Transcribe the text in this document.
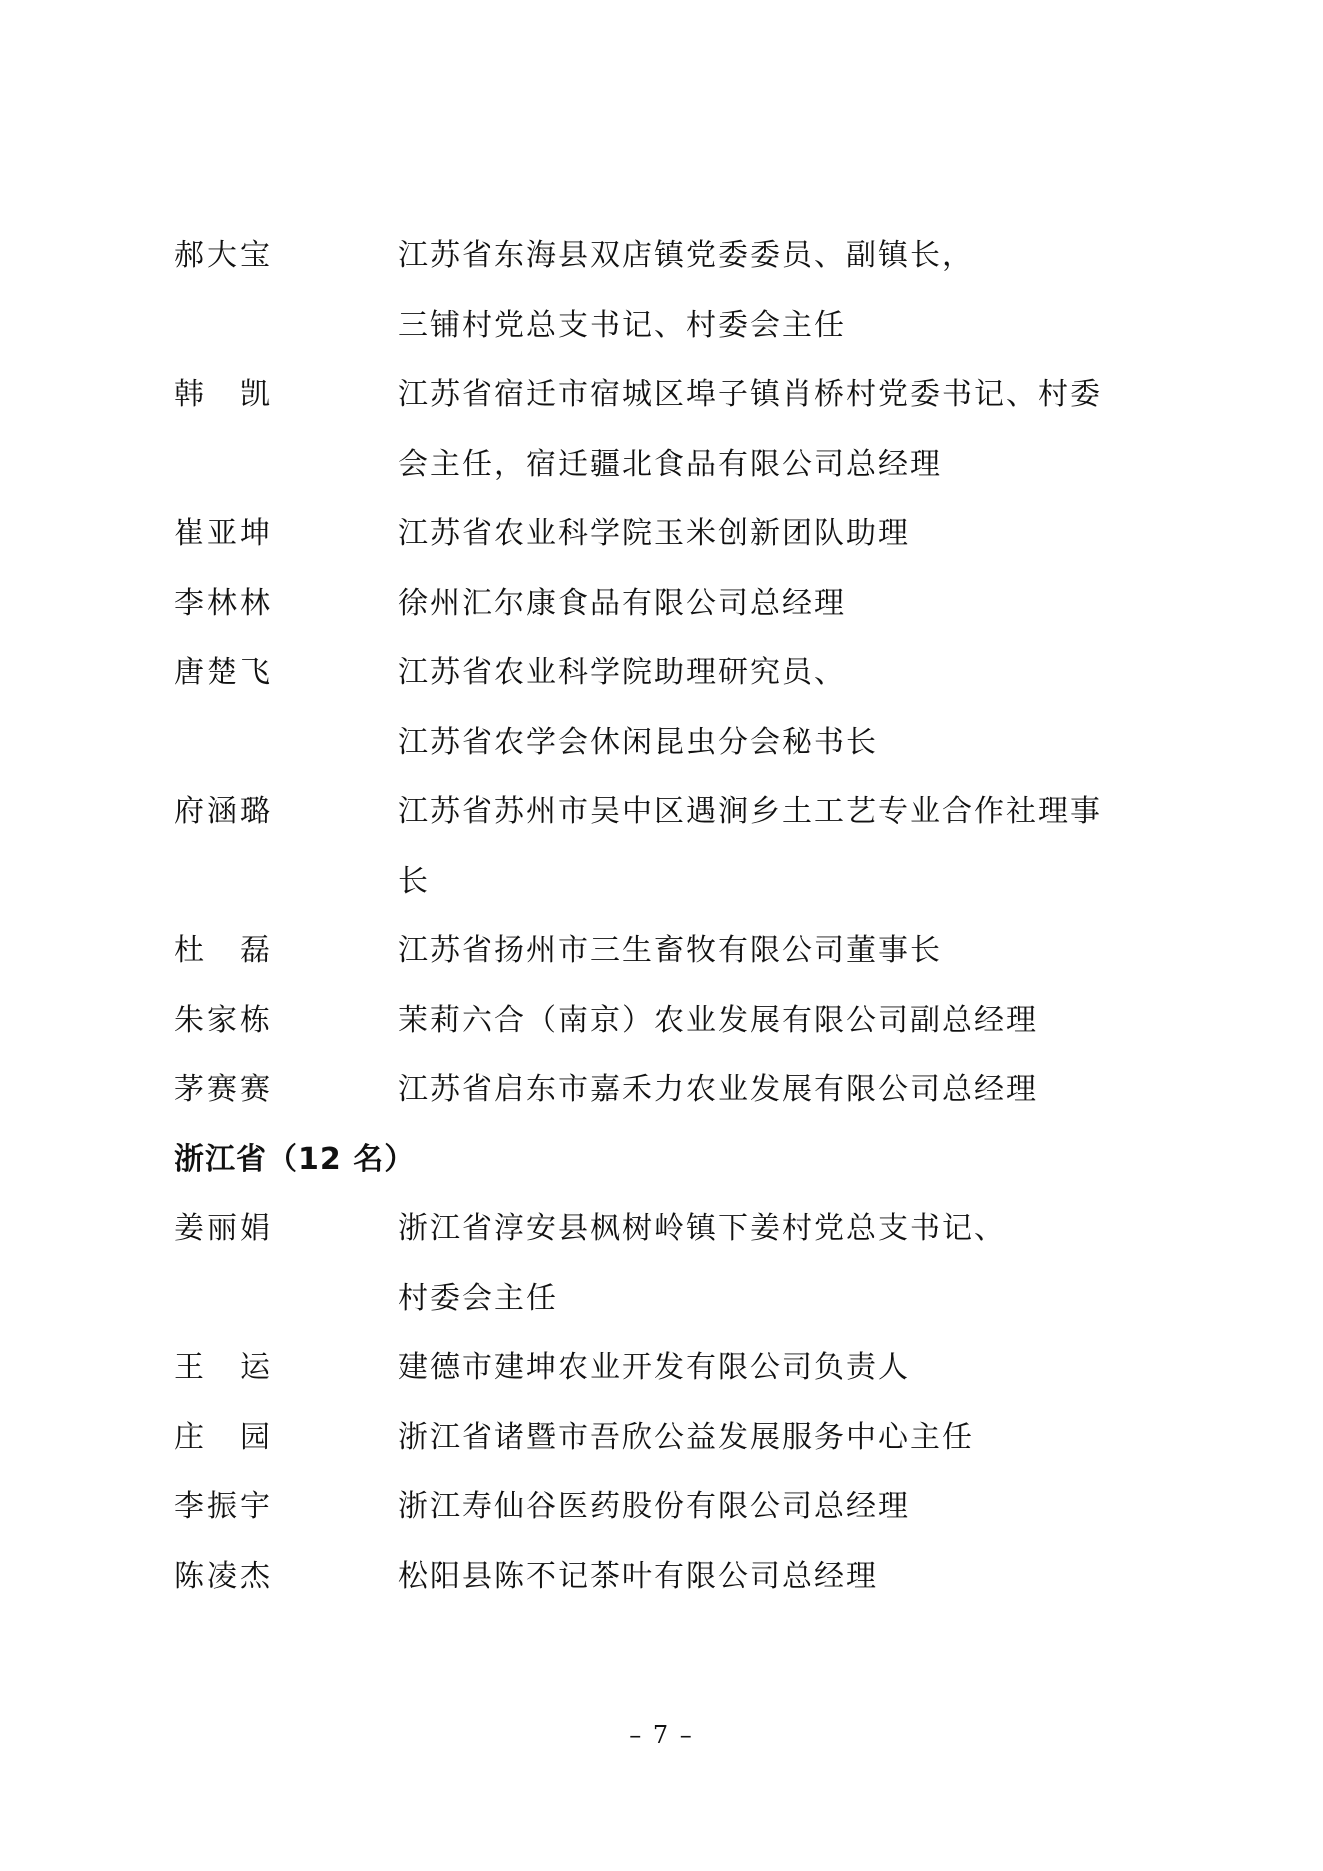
郝大宝	江苏省东海县双店镇党委委员、副镇长，
三铺村党总支书记、村委会主任
韩 凯	江苏省宿迁市宿城区埠子镇肖桥村党委书记、村委
会主任，宿迁疆北食品有限公司总经理
崔亚坤	江苏省农业科学院玉米创新团队助理
李林林	徐州汇尔康食品有限公司总经理
唐楚飞	江苏省农业科学院助理研究员、
江苏省农学会休闲昆虫分会秘书长
府涵璐	江苏省苏州市吴中区遇涧乡土工艺专业合作社理事
长
杜 磊	江苏省扬州市三生畜牧有限公司董事长
朱家栋	茉莉六合（南京）农业发展有限公司副总经理
茅赛赛	江苏省启东市嘉禾力农业发展有限公司总经理
浙江省（12 名）
姜丽娟	浙江省淳安县枫树岭镇下姜村党总支书记、
村委会主任
王 运	建德市建坤农业开发有限公司负责人
庄 园	浙江省诸暨市吾欣公益发展服务中心主任
李振宇	浙江寿仙谷医药股份有限公司总经理
陈凌杰	松阳县陈不记茶叶有限公司总经理
– 7 –
